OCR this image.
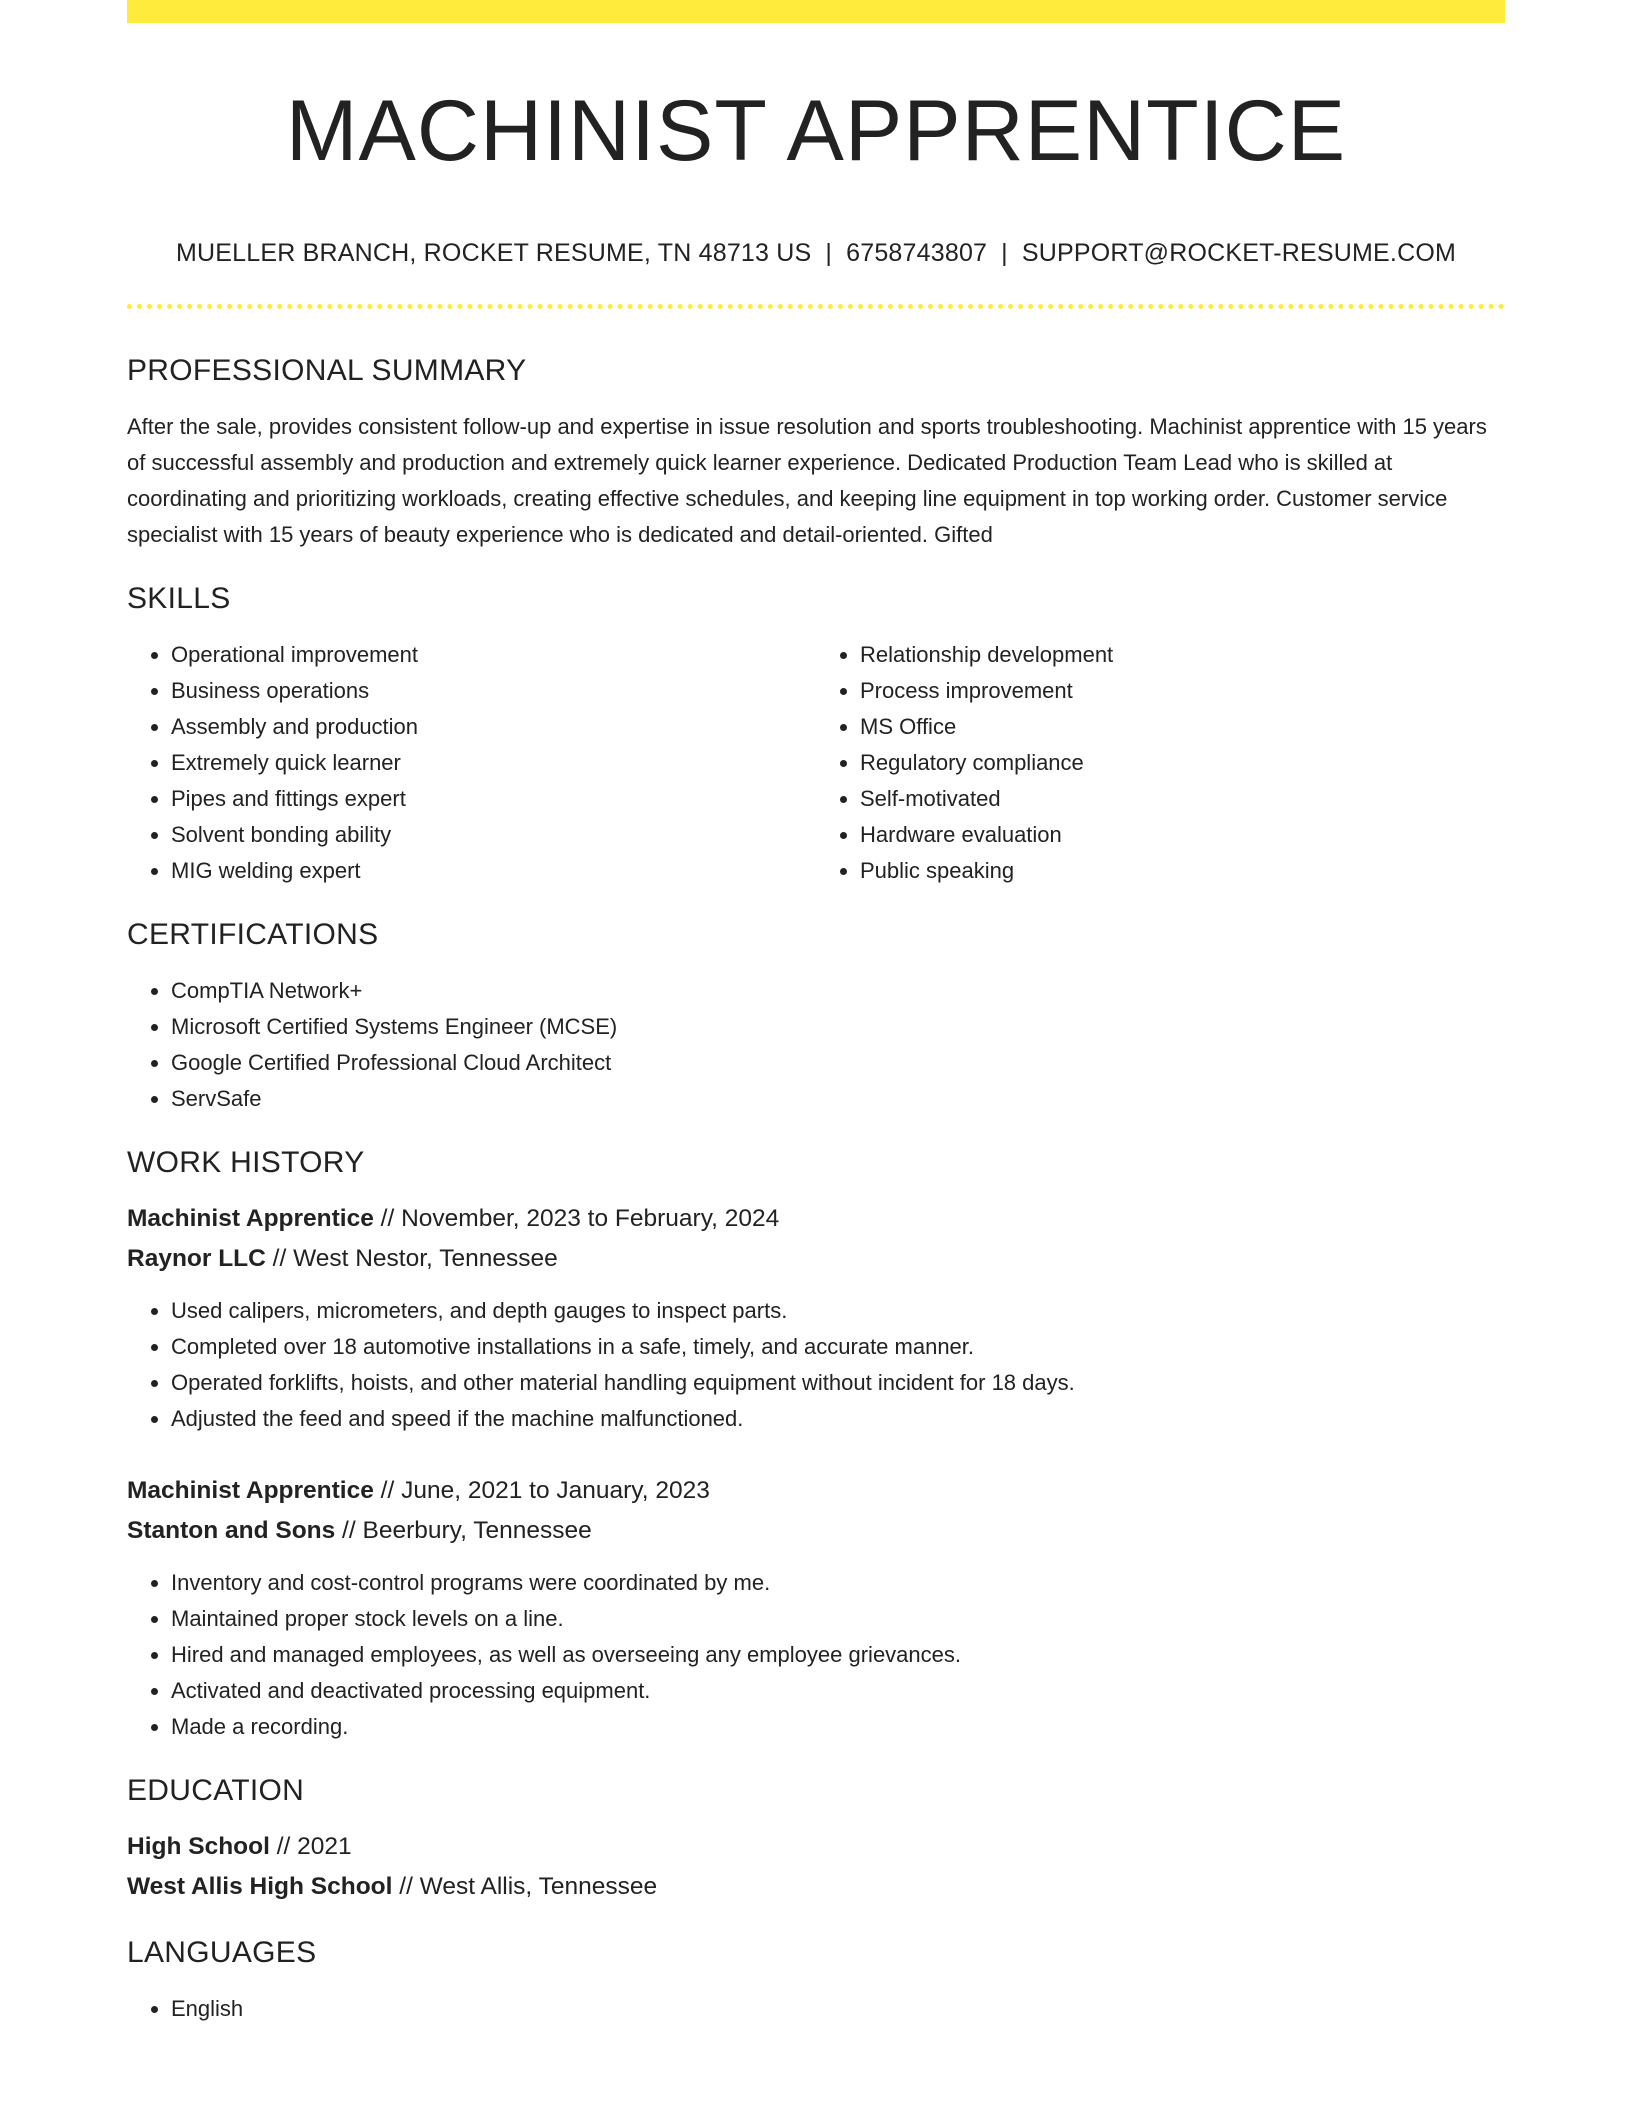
MACHINIST APPRENTICE
MUELLER BRANCH, ROCKET RESUME, TN 48713 US | 6758743807 | SUPPORT@ROCKET-RESUME.COM
PROFESSIONAL SUMMARY

After the sale, provides consistent follow-up and expertise in issue resolution and sports troubleshooting. Machinist apprentice with 15 years of successful assembly and production and extremely quick learner experience. Dedicated Production Team Lead who is skilled at coordinating and prioritizing workloads, creating effective schedules, and keeping line equipment in top working order. Customer service specialist with 15 years of beauty experience who is dedicated and detail-oriented. Gifted

SKILLS
• Operational improvement
• Business operations
• Assembly and production
• Extremely quick learner
• Pipes and fittings expert
• Solvent bonding ability
• MIG welding expert
• Relationship development
• Process improvement
• MS Office
• Regulatory compliance
• Self-motivated
• Hardware evaluation
• Public speaking
CERTIFICATIONS
• CompTIA Network+
• Microsoft Certified Systems Engineer (MCSE)
• Google Certified Professional Cloud Architect
• ServSafe
WORK HISTORY
Machinist Apprentice // November, 2023 to February, 2024
Raynor LLC // West Nestor, Tennessee
• Used calipers, micrometers, and depth gauges to inspect parts.
• Completed over 18 automotive installations in a safe, timely, and accurate manner.
• Operated forklifts, hoists, and other material handling equipment without incident for 18 days.
• Adjusted the feed and speed if the machine malfunctioned.
Machinist Apprentice // June, 2021 to January, 2023
Stanton and Sons // Beerbury, Tennessee
• Inventory and cost-control programs were coordinated by me.
• Maintained proper stock levels on a line.
• Hired and managed employees, as well as overseeing any employee grievances.
• Activated and deactivated processing equipment.
• Made a recording.
EDUCATION
High School // 2021
West Allis High School // West Allis, Tennessee
LANGUAGES
• English
